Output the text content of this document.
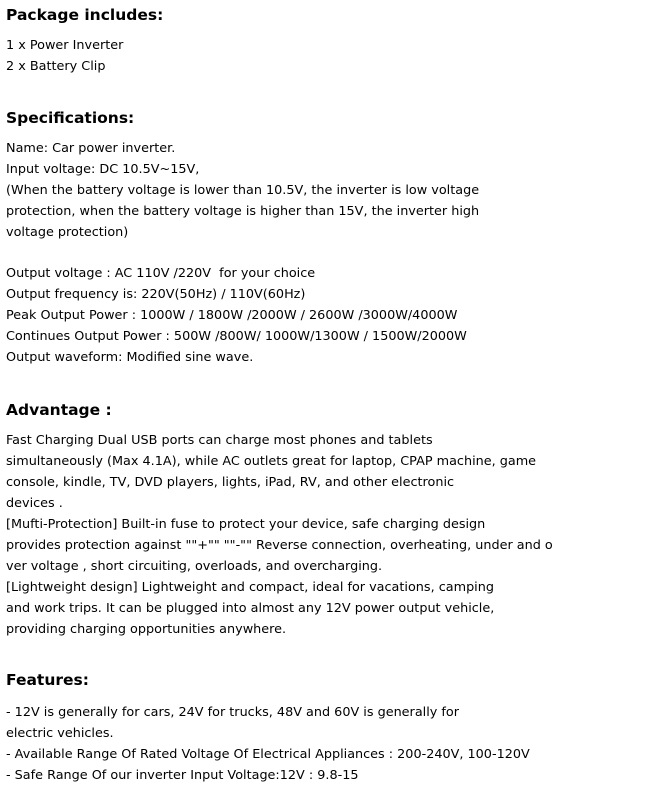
Package includes:

1 x Power Inverter

2 x Battery Clip

Specifications:

Name: Car power inverter.

Input voltage: DC 10.5V~15V,

(When the battery voltage is lower than 10.5V, the inverter is low voltage

protection, when the battery voltage is higher than 15V, the inverter high

voltage protection)

Output voltage : AC 110V /220V  for your choice

Output frequency is: 220V(50Hz) / 110V(60Hz)

Peak Output Power : 1000W / 1800W /2000W / 2600W /3000W/4000W

Continues Output Power : 500W /800W/ 1000W/1300W / 1500W/2000W

Output waveform: Modified sine wave.

Advantage :

Fast Charging Dual USB ports can charge most phones and tablets

simultaneously (Max 4.1A), while AC outlets great for laptop, CPAP machine, game

console, kindle, TV, DVD players, lights, iPad, RV, and other electronic

devices .

[Mufti-Protection] Built-in fuse to protect your device, safe charging design

provides protection against ""+"" ""-"" Reverse connection, overheating, under and o

ver voltage , short circuiting, overloads, and overcharging.

[Lightweight design] Lightweight and compact, ideal for vacations, camping

and work trips. It can be plugged into almost any 12V power output vehicle,

providing charging opportunities anywhere.

Features:

- 12V is generally for cars, 24V for trucks, 48V and 60V is generally for

electric vehicles.

- Available Range Of Rated Voltage Of Electrical Appliances : 200-240V, 100-120V

- Safe Range Of our inverter Input Voltage:12V : 9.8-15
